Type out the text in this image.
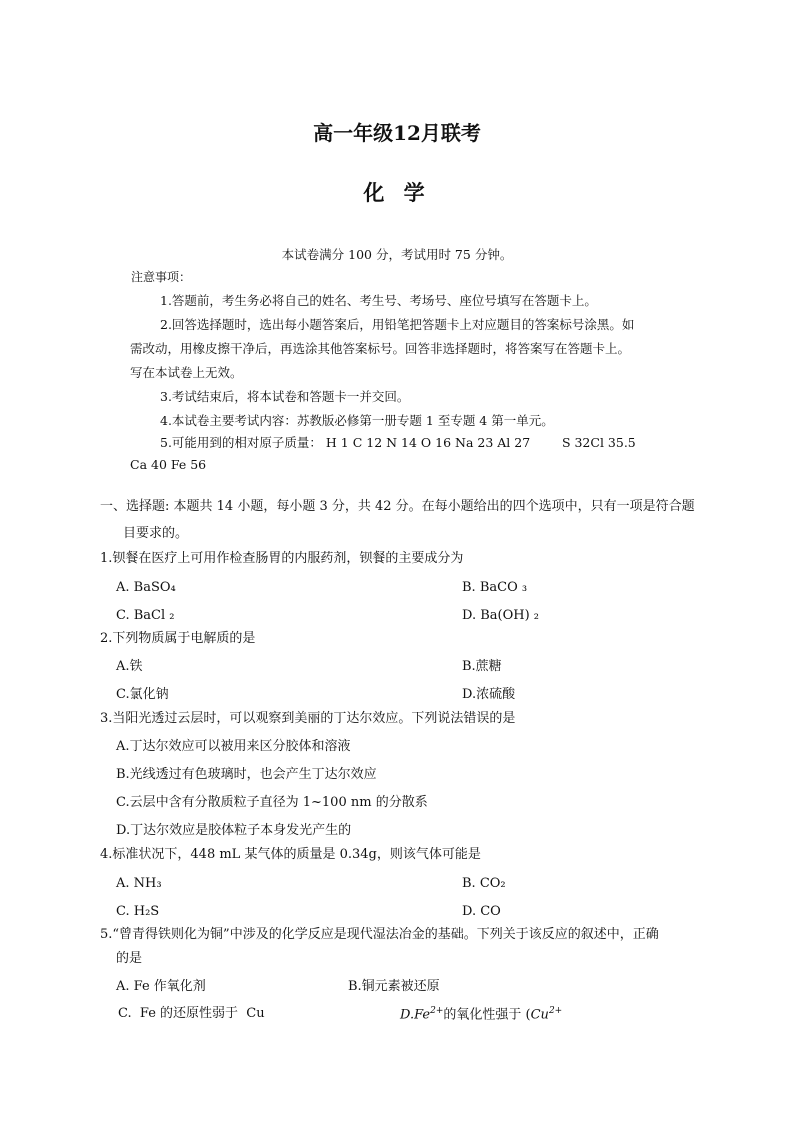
高一年级12月联考
化 学
本试卷满分 100 分，考试用时 75 分钟。
注意事项：
1.答题前，考生务必将自己的姓名、考生号、考场号、座位号填写在答题卡上。
2.回答选择题时，选出每小题答案后，用铅笔把答题卡上对应题目的答案标号涂黑。如
需改动，用橡皮擦干净后，再选涂其他答案标号。回答非选择题时，将答案写在答题卡上。
写在本试卷上无效。
3.考试结束后，将本试卷和答题卡一并交回。
4.本试卷主要考试内容：苏教版必修第一册专题 1 至专题 4 第一单元。
5.可能用到的相对原子质量： H 1 C 12 N 14 O 16 Na 23 Al 27        S 32Cl 35.5
Ca 40 Fe 56
一、选择题: 本题共 14 小题，每小题 3 分，共 42 分。在每小题给出的四个选项中，只有一项是符合题
目要求的。
1.钡餐在医疗上可用作检查肠胃的内服药剂，钡餐的主要成分为
A. BaSO₄	B. BaCO ₃
C. BaCl ₂	D. Ba(OH) ₂
2.下列物质属于电解质的是
A.铁	B.蔗糖
C.氯化钠	D.浓硫酸
3.当阳光透过云层时，可以观察到美丽的丁达尔效应。下列说法错误的是
A.丁达尔效应可以被用来区分胶体和溶液
B.光线透过有色玻璃时，也会产生丁达尔效应
C.云层中含有分散质粒子直径为 1~100 nm 的分散系
D.丁达尔效应是胶体粒子本身发光产生的
4.标准状况下，448 mL 某气体的质量是 0.34g，则该气体可能是
A. NH₃	B. CO₂
C. H₂S	D. CO
5.“曾青得铁则化为铜”中涉及的化学反应是现代湿法冶金的基础。下列关于该反应的叙述中，正确
的是
A. Fe 作氧化剂	B.铜元素被还原
C.  Fe 的还原性弱于  Cu	$D.Fe^{2+}$的氧化性强于 ($Cu^{2+}$
